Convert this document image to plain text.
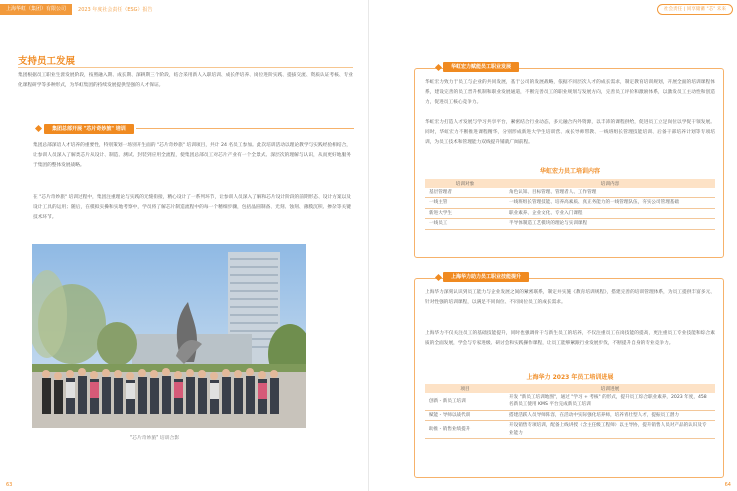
上海华虹（集团）有限公司	2023 年度社会责任（ESG）报告
支持员工发展
集团根据员工职业生涯发展阶段，按照融入期、成长期、深耕期三个阶段，结合采用新人入职培训、成长伴培养、岗位进阶实践、提拔交流、资质认证考核、专业化课程研学等多种形式，为华虹集团的持续发展提供坚强的人才保证。
集团总部开展 "芯片奇妙旅" 培训
集团总部深谙人才培养的重要性，特别策划一场别开生面的 "芯片奇妙旅" 培训项目，共计 24 名员工参加。此次培训活动以理论教学与实践经验相结合，让参训人员深入了解类芯片从设计、制造、测试、封装到应用全流程，使集团总部员工对芯片产业有一个全景式、深层次的理解与认识，从而更好地服务于集团的整体发展战略。
在 "芯片奇妙旅" 培训过程中，集团注重理论与实践的无缝衔接，精心设计了一系列环节，让参训人员深入了解和芯片设计阶段的前期形态、设计方案以及设计工具的运用；随后，在模拟实操和实地考察中，学员将了解芯片制造流程中的每一个精细步骤，包括晶圆制备、光刻、蚀刻、薄膜沉积、掺杂等关键技术环节。
"芯片奇妙旅" 培训合影
63
社会责任 | 同享储蓄 "芯" 未来
华虹宏力赋能员工职业发展
华虹宏力致力于员工与企业的共同发展，基于公司的发展战略，依据不同层次人才的成长需求，制定教育培训规划，开展全面的培训课程体系，建设完善的员工晋升机制和职业发展通道，不断完善员工的职业规划与发展方向，完善员工评价和激励体系，以激发员工主动性和创造力，促进员工核心竞争力。
华虹宏力打造人才发展与学习共享平台，紧密结合行业动态，多元融合内外资源，以丰沛的课程供给，促进员工立足岗位以学促干领发展。同时，华虹宏力不断推进课程精华，分别形成新进大学生培训营、成长导师带教、一线班组长管理技能培训、后备干部培养计划等专项培训，为员工技术和管理能力双线提升铺就广阔前程。
华虹宏力员工培训内容
培训对象	培训内容
基层管理者	角色认知、目标管理、管理者人、工作管理
一线主管	一线班组长管理技能、培养高素质、真正务能力的一线管理队伍，夯实公司管理基础
新进大学生	职业素养、企业文化、专业入门课程
一线员工	半导体制造工艺模块的理论与实训课程
上海华力助力员工职业技能提升
上海华力深刻认识到员工能力与企业发展之间的紧密联系，制定并实施《教育培训规程》，搭建完善的培训管理体系，为员工提供丰富多元、针对性强的培训课程，以满足不同岗位、不同岗位员工的成长需求。
上海华力不仅关注员工的基础技能提升，同时也强调骨干与新生员工的培养，不仅注重员工在岗技能的提高，更注重员工专业技能和综合素质的全面发展，学会与专家进级、研讨会和实践操作课程，让员工能够紧跟行业发展步伐，不断提升自身的专业竞争力。
上海华力 2023 年员工培训进展
项目	培训进展
创新 - 新员工培训	开发 "新员工培训地图"，通过 "学习 + 考核" 的形式，提升员工综合职业素养，2023 年度，458 名新员工使用 KMS 平台完成新员工培训
赋能 - 导师以战代训	搭建活跃人员导师阵容，在活动中实际强化培养师，培养青壮型人才，提振员工潜力
助推 - 销售业绩提升	开设销售专项培训，配备上线讲授（含主任级工程师）以主导协，提升销售人员对产品的认识及专业能力
64
